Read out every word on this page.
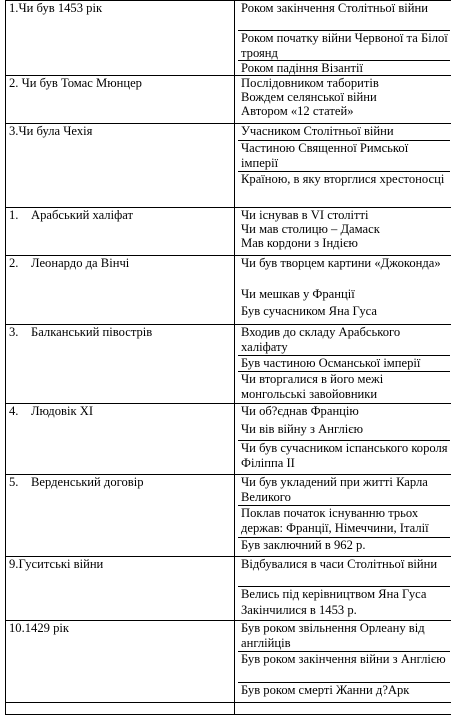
1.Чи був 1453 рік	Роком закінчення Столітньої війни
Роком початку війни Червоної та Білої троянд
Роком падіння Візантії

2. Чи був Томас Мюнцер	Послідовником таборитів
Вождем селянської війни
Автором «12 статей»

3.Чи була Чехія	Учасником Столітньої війни
Частиною Священної Римської імперії
Країною, в яку вторглися хрестоносці

1. Арабський халіфат	Чи існував в VI столітті
Чи мав столицю – Дамаск
Мав кордони з Індією

2. Леонардо да Вінчі	Чи був творцем картини «Джоконда»
Чи мешкав у Франції
Був сучасником Яна Гуса

3. Балканський півострів	Входив до складу Арабського халіфату
Був частиною Османської імперії
Чи вторгалися в його межі монгольські завойовники

4. Людовік XI	Чи об?єднав Францію
Чи вів війну з Англією
Чи був сучасником іспанського короля Філіппа II

5. Верденський договір	Чи був укладений при житті Карла Великого
Поклав початок існуванню трьох держав: Франції, Німеччини, Італії
Був заключний в 962 р.

9.Гуситські війни	Відбувалися в часи Столітньої війни
Велись під керівництвом Яна Гуса
Закінчилися в 1453 р.

10.1429 рік	Був роком звільнення Орлеану від англійців
Був роком закінчення війни з Англією
Був роком смерті Жанни д?Арк
